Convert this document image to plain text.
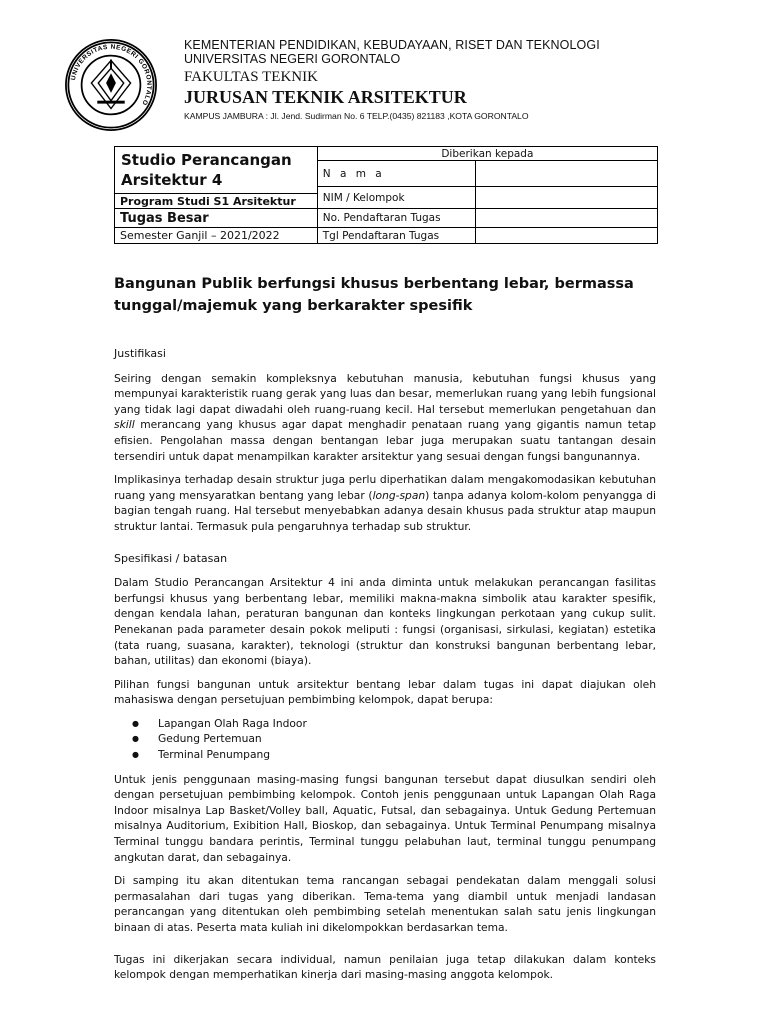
UNIVERSITAS NEGERI GORONTALO
KEMENTERIAN PENDIDIKAN, KEBUDAYAAN, RISET DAN TEKNOLOGI
UNIVERSITAS NEGERI GORONTALO
FAKULTAS TEKNIK
JURUSAN TEKNIK ARSITEKTUR
KAMPUS JAMBURA : Jl. Jend. Sudirman No. 6 TELP.(0435) 821183 ,KOTA GORONTALO
Studio Perancangan Arsitektur 4	Diberikan kepada	
	N a m a	
	NIM / Kelompok	
Program Studi S1 Arsitektur		
Tugas Besar	No. Pendaftaran Tugas	
Semester Ganjil – 2021/2022	Tgl Pendaftaran Tugas	
Bangunan Publik berfungsi khusus berbentang lebar, bermassa tunggal/majemuk yang berkarakter spesifik
Justifikasi

Seiring dengan semakin kompleksnya kebutuhan manusia, kebutuhan fungsi khusus yang mempunyai karakteristik ruang gerak yang luas dan besar, memerlukan ruang yang lebih fungsional yang tidak lagi dapat diwadahi oleh ruang-ruang kecil. Hal tersebut memerlukan pengetahuan dan skill merancang yang khusus agar dapat menghadir penataan ruang yang gigantis namun tetap efisien. Pengolahan massa dengan bentangan lebar juga merupakan suatu tantangan desain tersendiri untuk dapat menampilkan karakter arsitektur yang sesuai dengan fungsi bangunannya.

Implikasinya terhadap desain struktur juga perlu diperhatikan dalam mengakomodasikan kebutuhan ruang yang mensyaratkan bentang yang lebar (long-span) tanpa adanya kolom-kolom penyangga di bagian tengah ruang. Hal tersebut menyebabkan adanya desain khusus pada struktur atap maupun struktur lantai. Termasuk pula pengaruhnya terhadap sub struktur.

Spesifikasi / batasan

Dalam Studio Perancangan Arsitektur 4 ini anda diminta untuk melakukan perancangan fasilitas berfungsi khusus yang berbentang lebar, memiliki makna-makna simbolik atau karakter spesifik, dengan kendala lahan, peraturan bangunan dan konteks lingkungan perkotaan yang cukup sulit. Penekanan pada parameter desain pokok meliputi : fungsi (organisasi, sirkulasi, kegiatan) estetika (tata ruang, suasana, karakter), teknologi (struktur dan konstruksi bangunan berbentang lebar, bahan, utilitas) dan ekonomi (biaya).

Pilihan fungsi bangunan untuk arsitektur bentang lebar dalam tugas ini dapat diajukan oleh mahasiswa dengan persetujuan pembimbing kelompok, dapat berupa:

● Lapangan Olah Raga Indoor
● Gedung Pertemuan
● Terminal Penumpang

Untuk jenis penggunaan masing-masing fungsi bangunan tersebut dapat diusulkan sendiri oleh dengan persetujuan pembimbing kelompok. Contoh jenis penggunaan untuk Lapangan Olah Raga Indoor misalnya Lap Basket/Volley ball, Aquatic, Futsal, dan sebagainya. Untuk Gedung Pertemuan misalnya Auditorium, Exibition Hall, Bioskop, dan sebagainya. Untuk Terminal Penumpang misalnya Terminal tunggu bandara perintis, Terminal tunggu pelabuhan laut, terminal tunggu penumpang angkutan darat, dan sebagainya.

Di samping itu akan ditentukan tema rancangan sebagai pendekatan dalam menggali solusi permasalahan dari tugas yang diberikan. Tema-tema yang diambil untuk menjadi landasan perancangan yang ditentukan oleh pembimbing setelah menentukan salah satu jenis lingkungan binaan di atas. Peserta mata kuliah ini dikelompokkan berdasarkan tema.

Tugas ini dikerjakan secara individual, namun penilaian juga tetap dilakukan dalam konteks kelompok dengan memperhatikan kinerja dari masing-masing anggota kelompok.
